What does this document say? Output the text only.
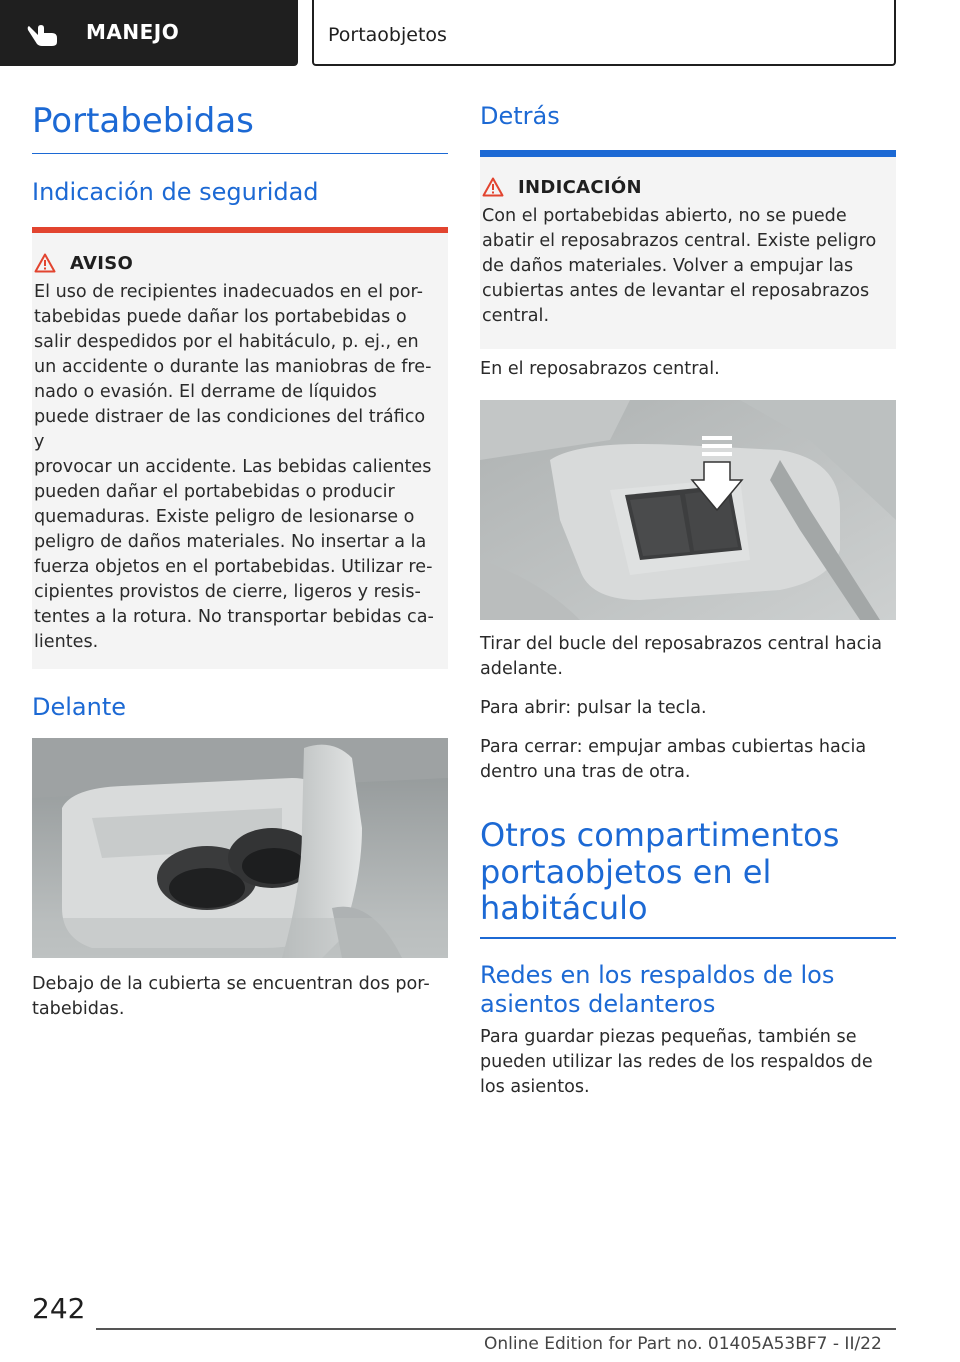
MANEJO	Portaobjetos
Portabebidas
Indicación de seguridad
AVISO
El uso de recipientes inadecuados en el por-
tabebidas puede dañar los portabebidas o
salir despedidos por el habitáculo, p. ej., en
un accidente o durante las maniobras de fre-
nado o evasión. El derrame de líquidos
puede distraer de las condiciones del tráfico y
provocar un accidente. Las bebidas calientes
pueden dañar el portabebidas o producir
quemaduras. Existe peligro de lesionarse o
peligro de daños materiales. No insertar a la
fuerza objetos en el portabebidas. Utilizar re-
cipientes provistos de cierre, ligeros y resis-
tentes a la rotura. No transportar bebidas ca-
lientes.
Delante
Debajo de la cubierta se encuentran dos por-
tabebidas.
Detrás
INDICACIÓN
Con el portabebidas abierto, no se puede
abatir el reposabrazos central. Existe peligro
de daños materiales. Volver a empujar las
cubiertas antes de levantar el reposabrazos
central.
En el reposabrazos central.
Tirar del bucle del reposabrazos central hacia
adelante.
Para abrir: pulsar la tecla.
Para cerrar: empujar ambas cubiertas hacia
dentro una tras de otra.
Otros compartimentos
portaobjetos en el
habitáculo
Redes en los respaldos de los
asientos delanteros
Para guardar piezas pequeñas, también se
pueden utilizar las redes de los respaldos de
los asientos.
242
Online Edition for Part no. 01405A53BF7 - II/22
